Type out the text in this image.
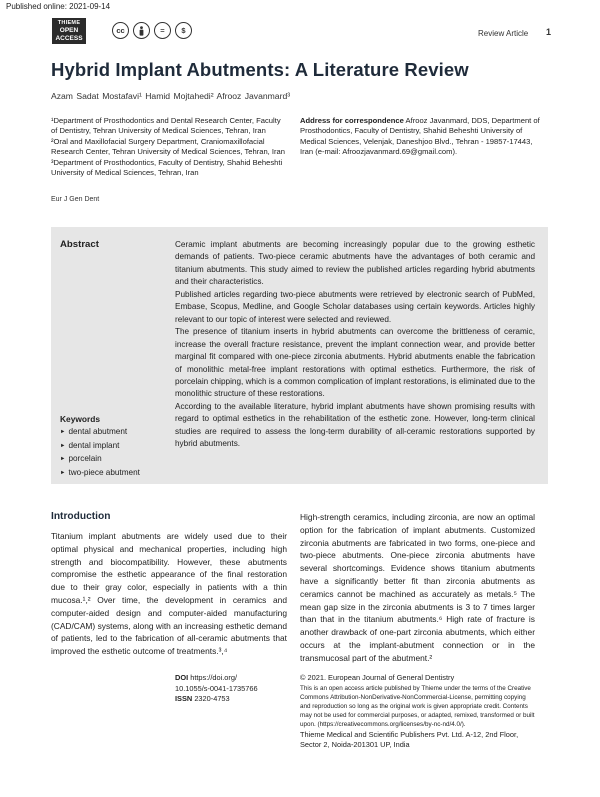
Published online: 2021-09-14
THIEME
OPEN
ACCESS
cc	=	$	Review Article 1
Hybrid Implant Abutments: A Literature Review
Azam Sadat Mostafavi¹ Hamid Mojtahedi² Afrooz Javanmard³

¹Department of Prosthodontics and Dental Research Center, Faculty of Dentistry, Tehran University of Medical Sciences, Tehran, Iran

²Oral and Maxillofacial Surgery Department, Craniomaxillofacial Research Center, Tehran University of Medical Sciences, Tehran, Iran

³Department of Prosthodontics, Faculty of Dentistry, Shahid Beheshti University of Medical Sciences, Tehran, Iran

Address for correspondence Afrooz Javanmard, DDS, Department of Prosthodontics, Faculty of Dentistry, Shahid Beheshti University of Medical Sciences, Velenjak, Daneshjoo Blvd., Tehran - 19857-17443, Iran (e-mail: Afroozjavanmard.69@gmail.com).
Eur J Gen Dent
Abstract	Ceramic implant abutments are becoming increasingly popular due to the growing esthetic demands of patients. Two-piece ceramic abutments have the advantages of both ceramic and titanium abutments. This study aimed to review the published articles regarding hybrid abutments and their characteristics.

Published articles regarding two-piece abutments were retrieved by electronic search of PubMed, Embase, Scopus, Medline, and Google Scholar databases using certain keywords. Articles highly relevant to our topic of interest were selected and reviewed.

The presence of titanium inserts in hybrid abutments can overcome the brittleness of ceramic, increase the overall fracture resistance, prevent the implant connection wear, and provide better marginal fit compared with one-piece zirconia abutments. Hybrid abutments enable the fabrication of monolithic metal-free implant restorations with optimal esthetics. Furthermore, the risk of porcelain chipping, which is a common complication of implant restorations, is eliminated due to the monolithic structure of these restorations.

According to the available literature, hybrid implant abutments have shown promising results with regard to optimal esthetics in the rehabilitation of the esthetic zone. However, long-term clinical studies are required to assess the long-term durability of all-ceramic restorations supported by hybrid abutments.

Keywords
► dental abutment
► dental implant
► porcelain
► two-piece abutment
Introduction

Titanium implant abutments are widely used due to their optimal physical and mechanical properties, including high strength and biocompatibility. However, these abutments compromise the esthetic appearance of the final restoration due to their gray color, especially in patients with a thin mucosa.¹,² Over time, the development in ceramics and computer-aided design and computer-aided manufacturing (CAD/CAM) systems, along with an increasing esthetic demand of patients, led to the fabrication of all-ceramic abutments that improved the esthetic outcome of treatments.³,⁴

High-strength ceramics, including zirconia, are now an optimal option for the fabrication of implant abutments. Customized zirconia abutments are fabricated in two forms, one-piece and two-piece abutments. One-piece zirconia abutments have several shortcomings. Evidence shows titanium abutments have a significantly better fit than zirconia abutments as ceramics cannot be machined as accurately as metals.⁵ The mean gap size in the zirconia abutments is 3 to 7 times larger than that in the titanium abutments.⁶ High rate of fracture is another drawback of one-part zirconia abutments, which either occurs at the implant-abutment connection or in the transmucosal part of the abutment.²

DOI https://doi.org/
10.1055/s-0041-1735766
ISSN 2320-4753
© 2021. European Journal of General Dentistry
This is an open access article published by Thieme under the terms of the Creative Commons Attribution-NonDerivative-NonCommercial-License, permitting copying and reproduction so long as the original work is given appropriate credit. Contents may not be used for commercial purposes, or adapted, remixed, transformed or built upon. (https://creativecommons.org/licenses/by-nc-nd/4.0/).
Thieme Medical and Scientific Publishers Pvt. Ltd. A-12, 2nd Floor, Sector 2, Noida-201301 UP, India
